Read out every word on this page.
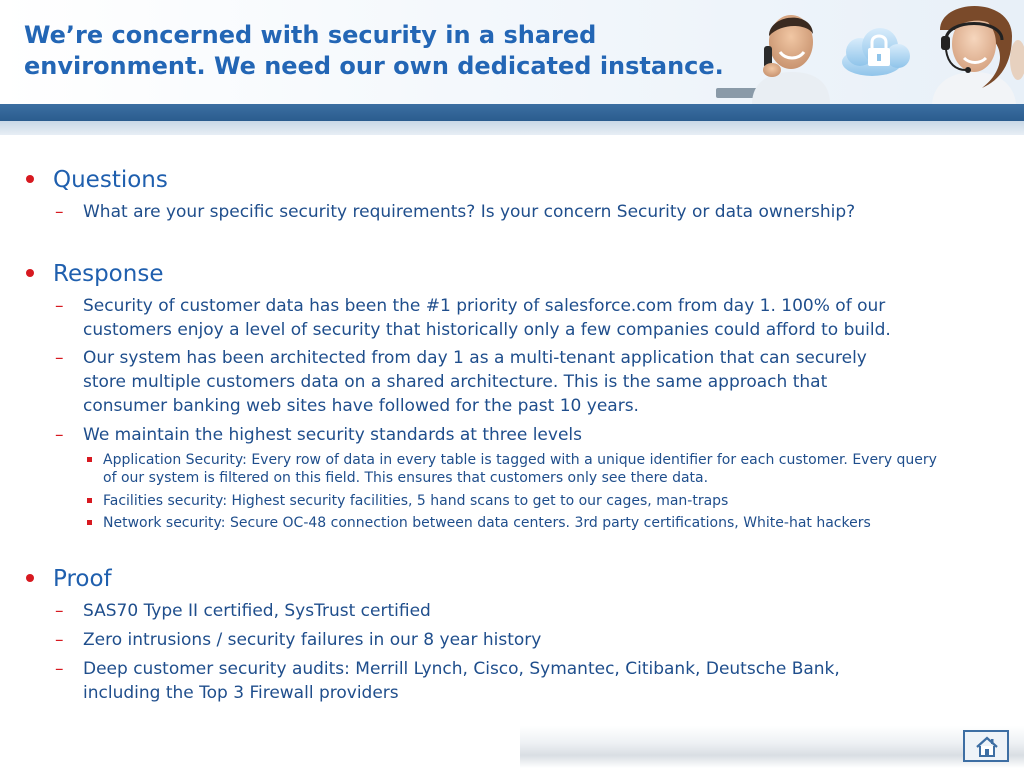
We’re concerned with security in a shared
environment. We need our own dedicated instance.
Questions
– What are your specific security requirements? Is your concern Security or data ownership?
Response
– Security of customer data has been the #1 priority of salesforce.com from day 1. 100% of our
customers enjoy a level of security that historically only a few companies could afford to build.
– Our system has been architected from day 1 as a multi-tenant application that can securely
store multiple customers data on a shared architecture. This is the same approach that
consumer banking web sites have followed for the past 10 years.
– We maintain the highest security standards at three levels
Application Security: Every row of data in every table is tagged with a unique identifier for each customer. Every query
of our system is filtered on this field. This ensures that customers only see there data.
Facilities security: Highest security facilities, 5 hand scans to get to our cages, man-traps
Network security: Secure OC-48 connection between data centers. 3rd party certifications, White-hat hackers
Proof
– SAS70 Type II certified, SysTrust certified
– Zero intrusions / security failures in our 8 year history
– Deep customer security audits: Merrill Lynch, Cisco, Symantec, Citibank, Deutsche Bank,
including the Top 3 Firewall providers
